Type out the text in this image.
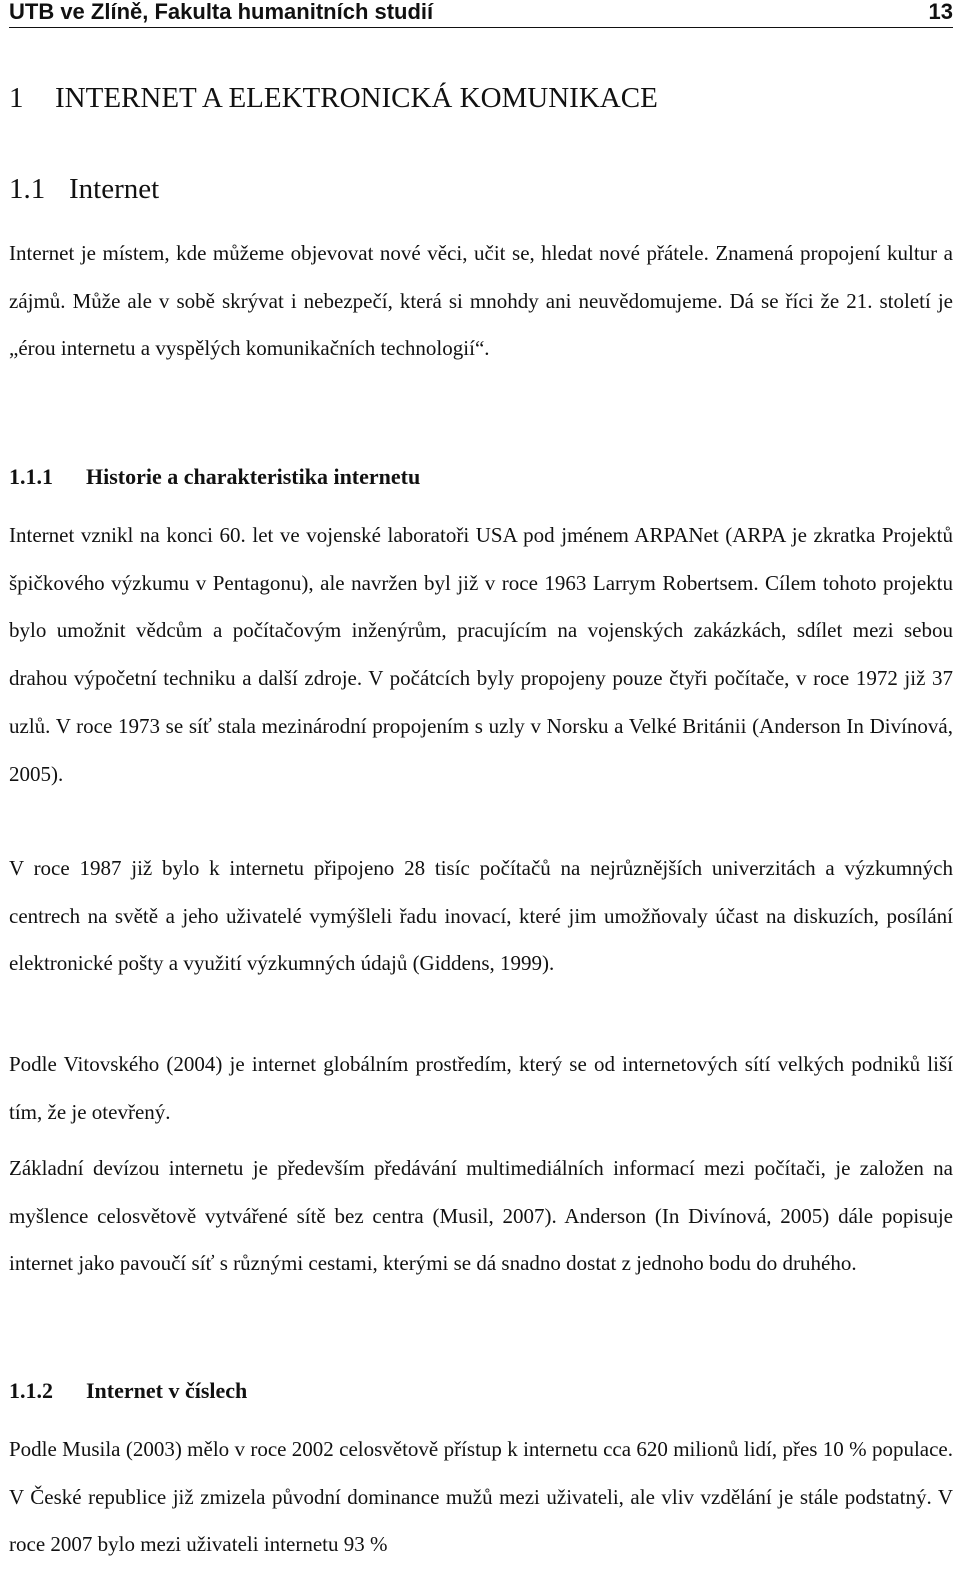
UTB ve Zlíně, Fakulta humanitních studií	13
1 INTERNET A ELEKTRONICKÁ KOMUNIKACE
1.1 Internet

Internet je místem, kde můžeme objevovat nové věci, učit se, hledat nové přátele. Znamená propojení kultur a zájmů. Může ale v sobě skrývat i nebezpečí, která si mnohdy ani neuvědomujeme. Dá se říci že 21. století je „érou internetu a vyspělých komunikačních technologií“.

1.1.1 Historie a charakteristika internetu

Internet vznikl na konci 60. let ve vojenské laboratoři USA pod jménem ARPANet (ARPA je zkratka Projektů špičkového výzkumu v Pentagonu), ale navržen byl již v roce 1963 Larrym Robertsem. Cílem tohoto projektu bylo umožnit vědcům a počítačovým inženýrům, pracujícím na vojenských zakázkách, sdílet mezi sebou drahou výpočetní techniku a další zdroje. V počátcích byly propojeny pouze čtyři počítače, v roce 1972 již 37 uzlů. V roce 1973 se síť stala mezinárodní propojením s uzly v Norsku a Velké Británii (Anderson In Divínová, 2005).

V roce 1987 již bylo k internetu připojeno 28 tisíc počítačů na nejrůznějších univerzitách a výzkumných centrech na světě a jeho uživatelé vymýšleli řadu inovací, které jim umožňovaly účast na diskuzích, posílání elektronické pošty a využití výzkumných údajů (Giddens, 1999).

Podle Vitovského (2004) je internet globálním prostředím, který se od internetových sítí velkých podniků liší tím, že je otevřený.

Základní devízou internetu je především předávání multimediálních informací mezi počítači, je založen na myšlence celosvětově vytvářené sítě bez centra (Musil, 2007). Anderson (In Divínová, 2005) dále popisuje internet jako pavoučí síť s různými cestami, kterými se dá snadno dostat z jednoho bodu do druhého.

1.1.2 Internet v číslech

Podle Musila (2003) mělo v roce 2002 celosvětově přístup k internetu cca 620 milionů lidí, přes 10 % populace. V České republice již zmizela původní dominance mužů mezi uživateli, ale vliv vzdělání je stále podstatný. V roce 2007 bylo mezi uživateli internetu 93 %
